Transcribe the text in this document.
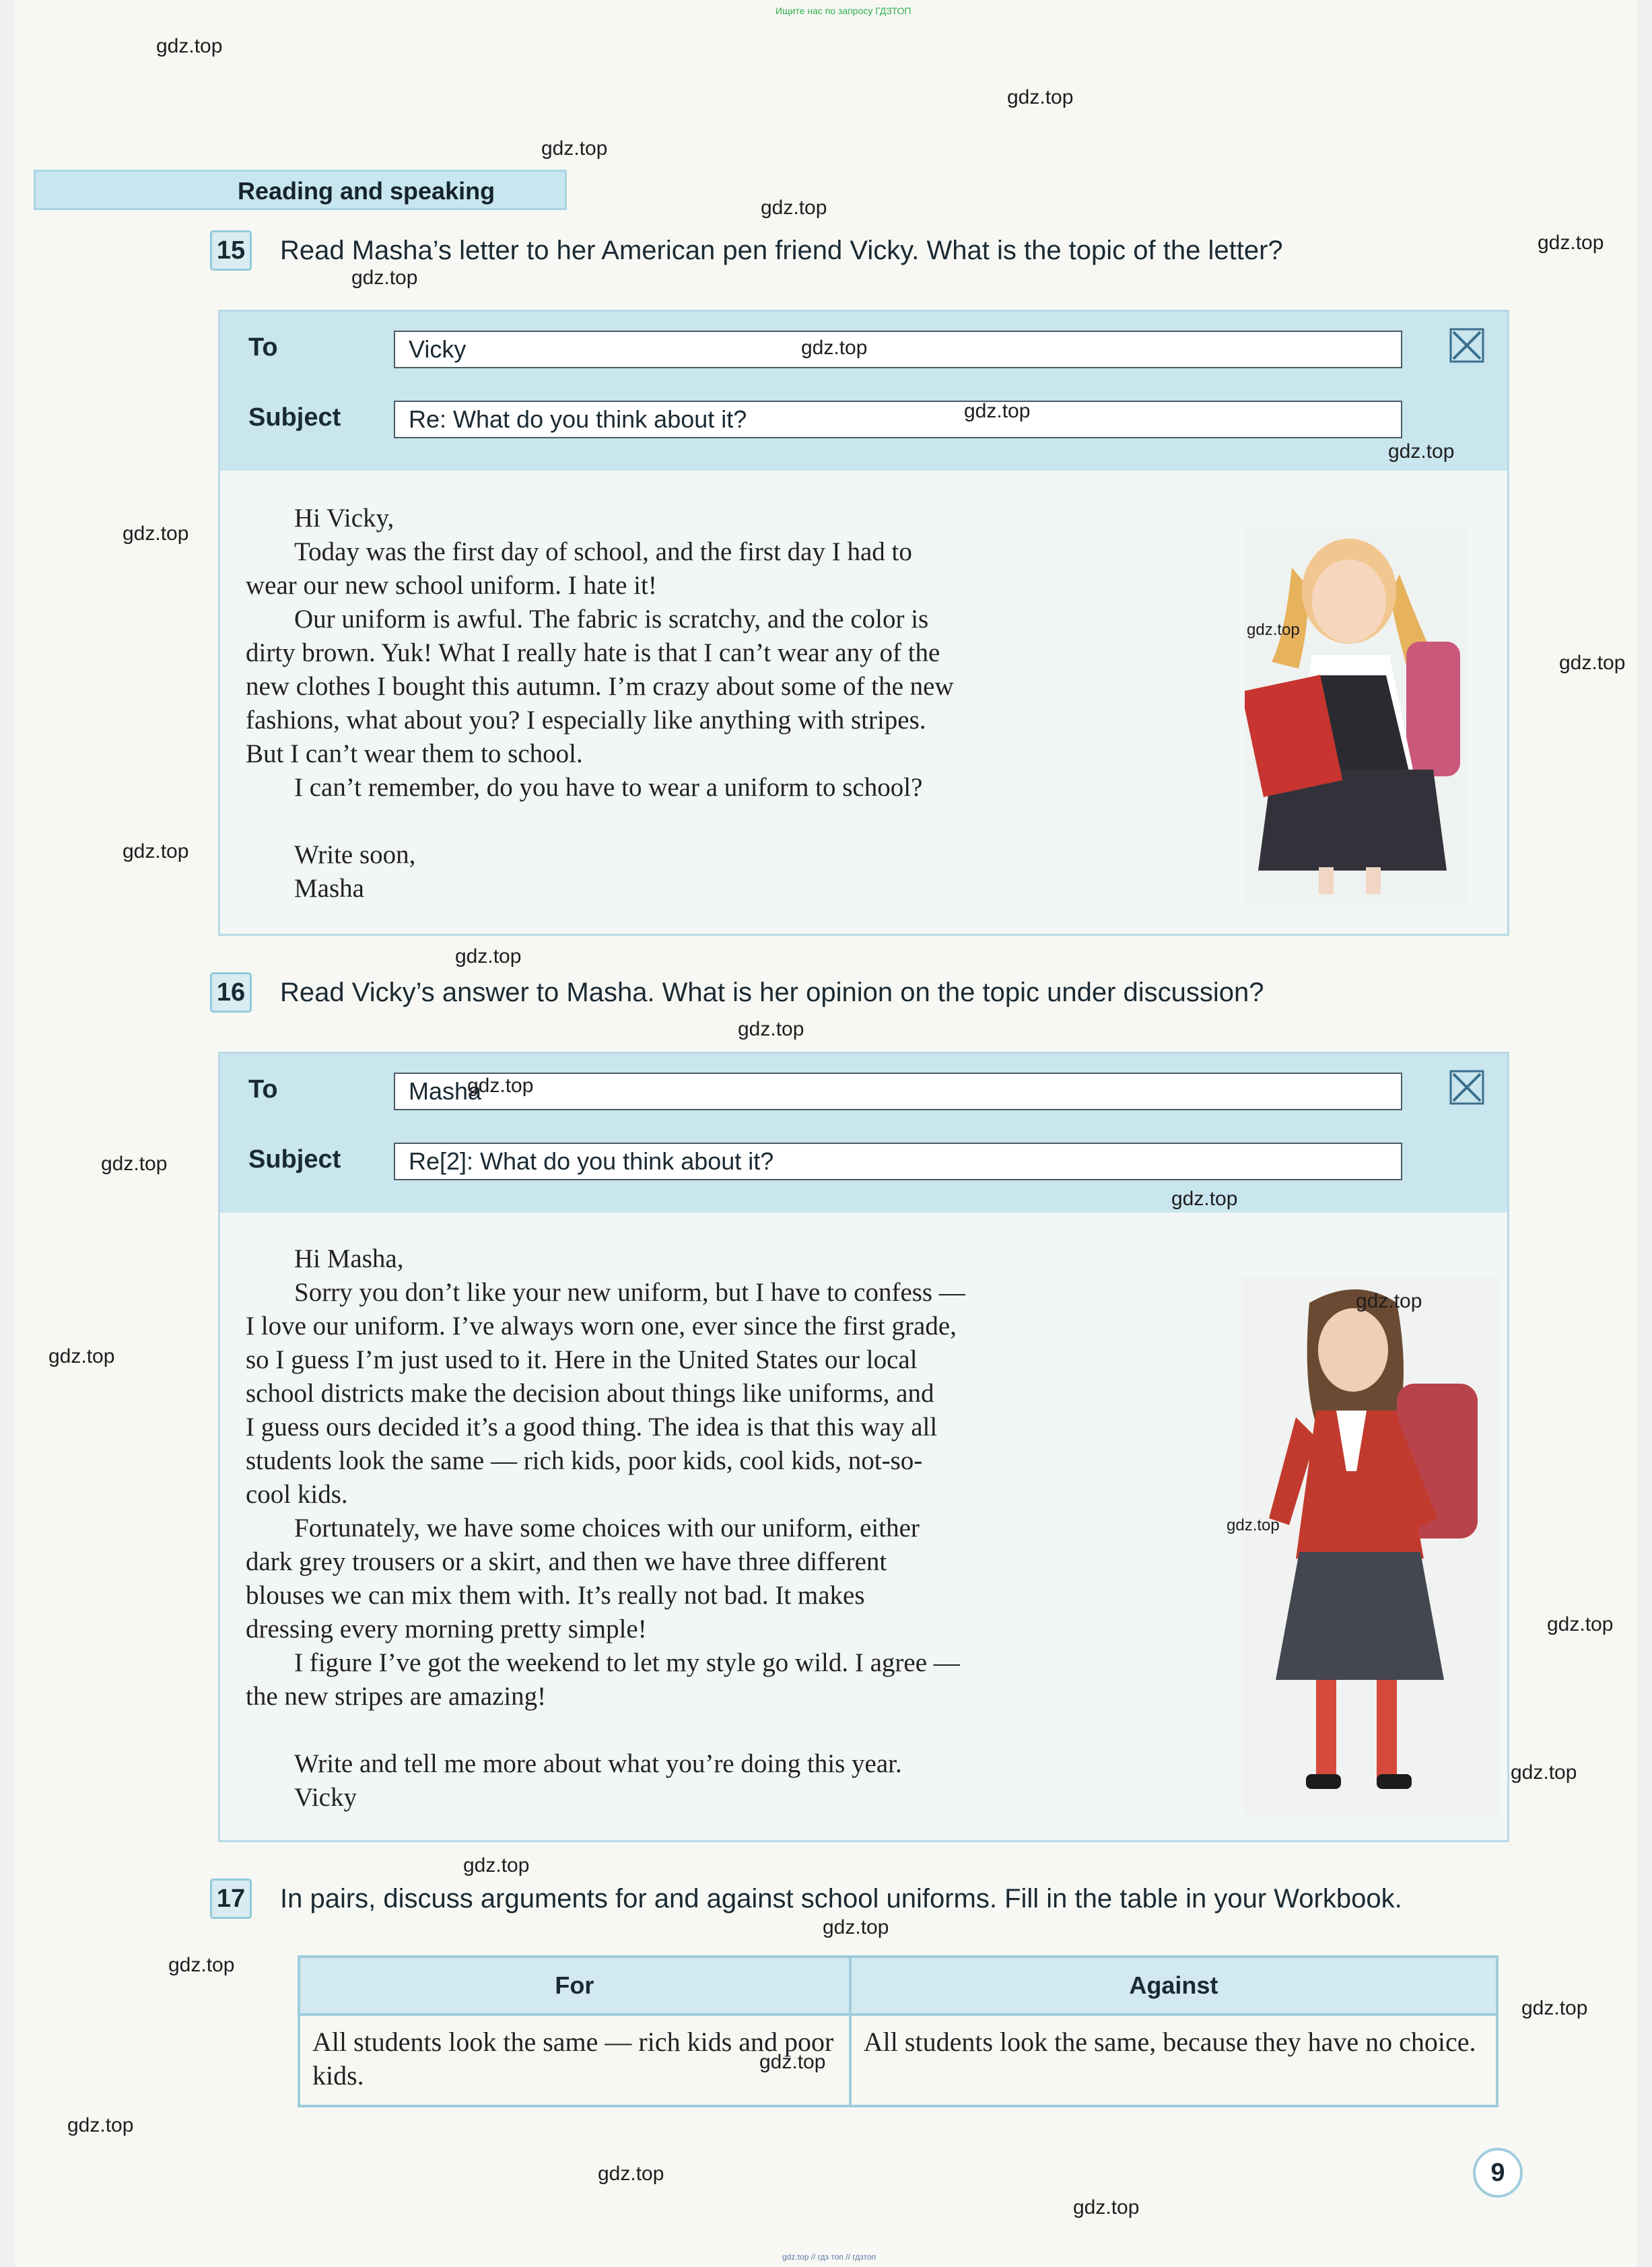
Ищите нас по запросу ГДЗТОП
Reading and speaking
15 Read Masha’s letter to her American pen friend Vicky. What is the topic of the letter?
To	Vicky
Subject	Re: What do you think about it?

Hi Vicky,

Today was the first day of school, and the first day I had to

wear our new school uniform. I hate it!

Our uniform is awful. The fabric is scratchy, and the color is

dirty brown. Yuk! What I really hate is that I can’t wear any of the

new clothes I bought this autumn. I’m crazy about some of the new

fashions, what about you? I especially like anything with stripes.

But I can’t wear them to school.

I can’t remember, do you have to wear a uniform to school?

Write soon,

Masha

16 Read Vicky’s answer to Masha. What is her opinion on the topic under discussion?
To	Masha
Subject	Re[2]: What do you think about it?

Hi Masha,

Sorry you don’t like your new uniform, but I have to confess —

I love our uniform. I’ve always worn one, ever since the first grade,

so I guess I’m just used to it. Here in the United States our local

school districts make the decision about things like uniforms, and

I guess ours decided it’s a good thing. The idea is that this way all

students look the same — rich kids, poor kids, cool kids, not-so-

cool kids.

Fortunately, we have some choices with our uniform, either

dark grey trousers or a skirt, and then we have three different

blouses we can mix them with. It’s really not bad. It makes

dressing every morning pretty simple!

I figure I’ve got the weekend to let my style go wild. I agree —

the new stripes are amazing!

Write and tell me more about what you’re doing this year.

Vicky

17 In pairs, discuss arguments for and against school uniforms. Fill in the table in your Workbook.
For	Against
All students look the same — rich kids and poor kids.	All students look the same, because they have no choice.
9
gdz.top // гдз топ // гдзтоп
gdz.top
gdz.top
gdz.top
gdz.top
gdz.top
gdz.top
gdz.top
gdz.top
gdz.top
gdz.top
gdz.top
gdz.top
gdz.top
gdz.top
gdz.top
gdz.top
gdz.top
gdz.top
gdz.top
gdz.top
gdz.top
gdz.top
gdz.top
gdz.top
gdz.top
gdz.top
gdz.top
gdz.top
gdz.top
gdz.top
gdz.top
